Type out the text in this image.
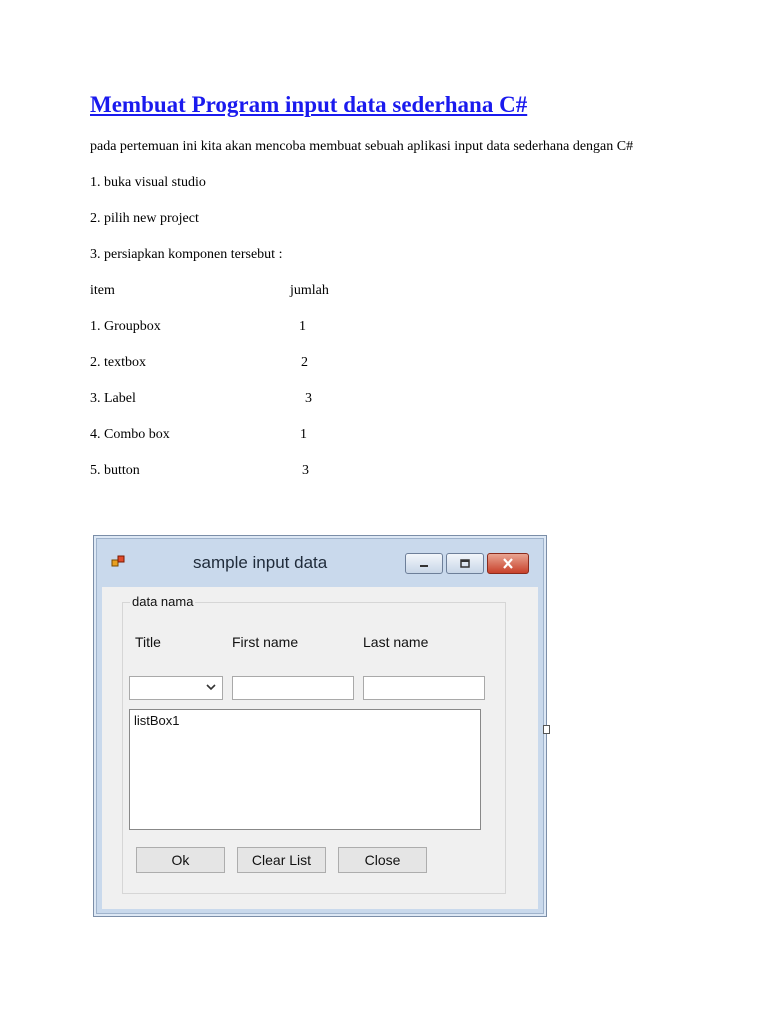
Membuat Program input data sederhana C#

pada pertemuan ini kita akan mencoba membuat sebuah aplikasi input data sederhana dengan C#

1. buka visual studio

2. pilih new project

3. persiapkan komponen tersebut :

item	jumlah
1. Groupbox	1
2. textbox	2
3. Label	3
4. Combo box	1
5. button	3
sample input data
data nama
Title	First name	Last name
listBox1
Ok	Clear List	Close
